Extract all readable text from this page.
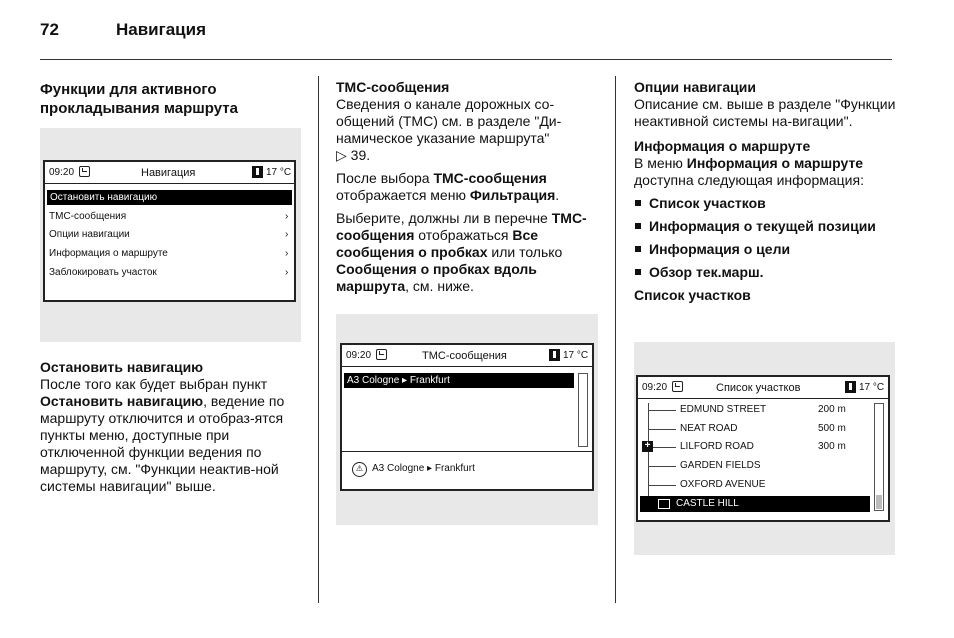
72	Навигация
Функции для активного прокладывания маршрута
09:20	Навигация	17 °C
Остановить навигацию
TMC-сообщения	›
Опции навигации	›
Информация о маршруте	›
Заблокировать участок	›
Остановить навигацию

После того как будет выбран пункт Остановить навигацию, ведение по маршруту отключится и отобраз-ятся пункты меню, доступные при отключенной функции ведения по маршруту, см. "Функции неактив-ной системы навигации" выше.

TMC-сообщения

Сведения о канале дорожных со-общений (TMC) см. в разделе "Ди-намическое указание маршрута"
▷ 39.

После выбора TMC-сообщения отображается меню Фильтрация.

Выберите, должны ли в перечне TMC-сообщения отображаться Все сообщения о пробках или только Сообщения о пробках вдоль маршрута, см. ниже.

09:20	TMC-сообщения	17 °C
A3 Cologne ▸ Frankfurt
⚠ A3 Cologne ▸ Frankfurt
Опции навигации

Описание см. выше в разделе "Функции неактивной системы на-вигации".

Информация о маршруте

В меню Информация о маршруте доступна следующая информация:

Список участков
Информация о текущей позиции
Информация о цели
Обзор тек.марш.
Список участков
09:20	Список участков	17 °C
EDMUND STREET	200 m
NEAT ROAD	500 m
+	LILFORD ROAD	300 m
GARDEN FIELDS
OXFORD AVENUE
CASTLE HILL
